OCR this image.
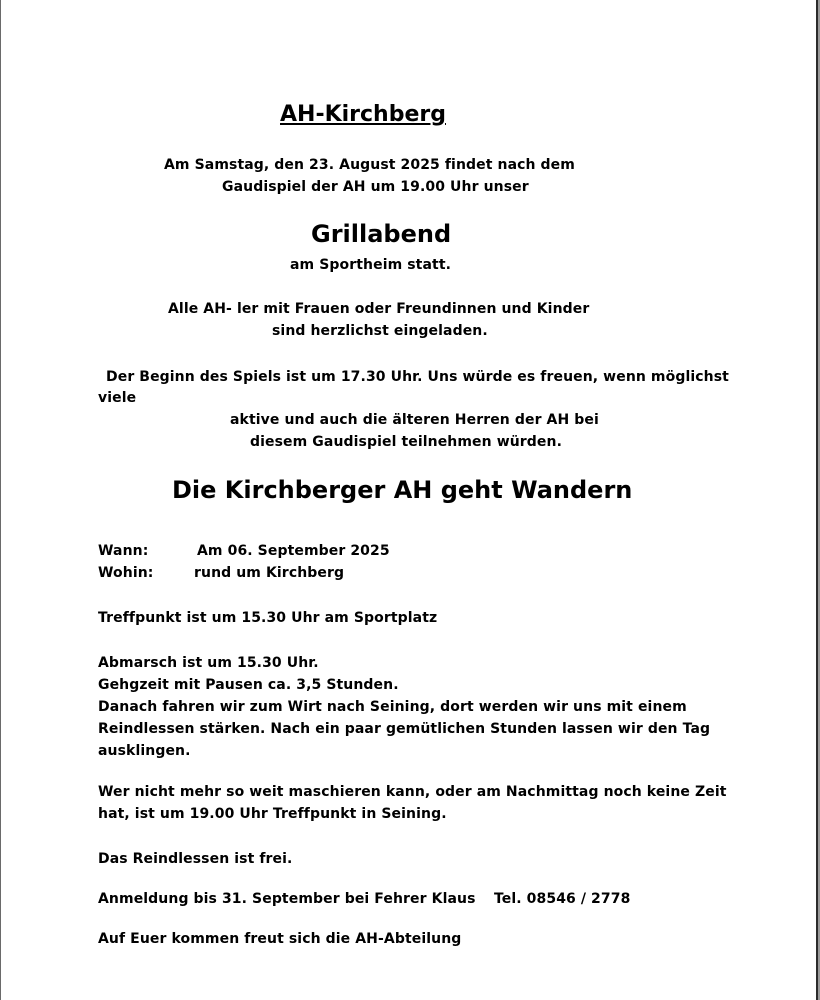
AH-Kirchberg
Am Samstag, den 23. August 2025 findet nach dem
Gaudispiel der AH um 19.00 Uhr unser
Grillabend
am Sportheim statt.
Alle AH- ler mit Frauen oder Freundinnen und Kinder
sind herzlichst eingeladen.
Der Beginn des Spiels ist um 17.30 Uhr. Uns würde es freuen, wenn möglichst
viele
aktive und auch die älteren Herren der AH bei
diesem Gaudispiel teilnehmen würden.
Die Kirchberger AH geht Wandern
Wann:	Am 06. September 2025
Wohin:	rund um Kirchberg
Treffpunkt ist um 15.30 Uhr am Sportplatz
Abmarsch ist um 15.30 Uhr.
Gehgzeit mit Pausen ca. 3,5 Stunden.
Danach fahren wir zum Wirt nach Seining, dort werden wir uns mit einem
Reindlessen stärken. Nach ein paar gemütlichen Stunden lassen wir den Tag
ausklingen.
Wer nicht mehr so weit maschieren kann, oder am Nachmittag noch keine Zeit
hat, ist um 19.00 Uhr Treffpunkt in Seining.
Das Reindlessen ist frei.
Anmeldung bis 31. September bei Fehrer Klaus Tel. 08546 / 2778
Auf Euer kommen freut sich die AH-Abteilung
